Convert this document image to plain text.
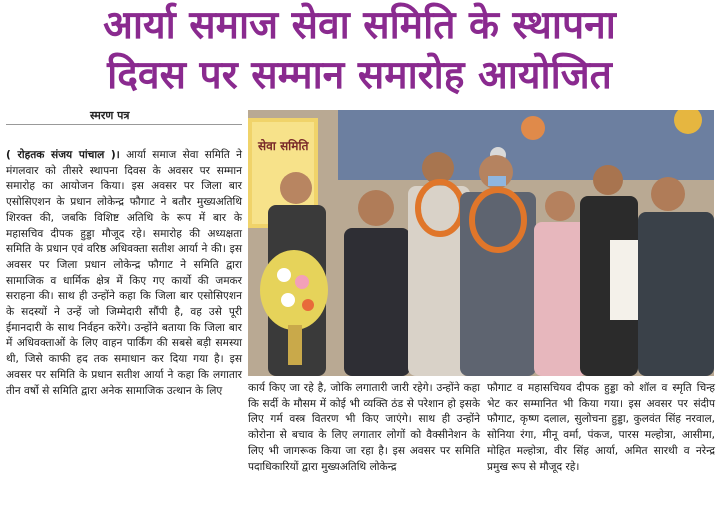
आर्या समाज सेवा समिति के स्थापना
दिवस पर सम्मान समारोह आयोजित
स्मरण पत्र

( रोहतक संजय पांचाल )। आर्या समाज सेवा समिति ने मंगलवार को तीसरे स्थापना दिवस के अवसर पर सम्मान समारोह का आयोजन किया। इस अवसर पर जिला बार एसोसिएशन के प्रधान लोकेन्द्र फौगाट ने बतौर मुख्यअतिथि शिरक्त की, जबकि विशिष्ट अतिथि के रूप में बार के महासचिव दीपक हुड्डा मौजूद रहे। समारोह की अध्यक्षता समिति के प्रधान एवं वरिष्ठ अधिवक्ता सतीश आर्या ने की। इस अवसर पर जिला प्रधान लोकेन्द्र फौगाट ने समिति द्वारा सामाजिक व धार्मिक क्षेत्र में किए गए कार्यो की जमकर सराहना की। साथ ही उन्होंने कहा कि जिला बार एसोसिएशन के सदस्यों ने उन्हें जो जिम्मेदारी सौंपी है, वह उसे पूरी ईमानदारी के साथ निर्वहन करेंगे। उन्होंने बताया कि जिला बार में अधिवक्ताओं के लिए वाहन पार्किंग की सबसे बड़ी समस्या थी, जिसे काफी हद तक समाधान कर दिया गया है। इस अवसर पर समिति के प्रधान सतीश आर्या ने कहा कि लगातार तीन वर्षो से समिति द्वारा अनेक सामाजिक उत्थान के लिए

सेवा समिति

कार्य किए जा रहे है, जोकि लगातारी जारी रहेगे। उन्होंने कहा कि सर्दी के मौसम में कोई भी व्यक्ति ठंड से परेशान हो इसके लिए गर्म वस्त्र वितरण भी किए जाएंगे। साथ ही उन्होंने कोरोना से बचाव के लिए लगातार लोगों को वैक्सीनेशन के लिए भी जागरूक किया जा रहा है। इस अवसर पर समिति पदाधिकारियों द्वारा मुख्यअतिथि लोकेन्द्र

फौगाट व महासचियव दीपक हुड्डा को शॉल व स्मृति चिन्ह भेट कर सम्मानित भी किया गया। इस अवसर पर संदीप फौगाट, कृष्ण दलाल, सुलोचना हुड्डा, कुलवंत सिंह नरवाल, सोनिया रंगा, मीनू वर्मा, पंकज, पारस मल्होत्रा, आसीमा, मोहित मल्होत्रा, वीर सिंह आर्या, अमित सारथी व नरेन्द्र प्रमुख रूप से मौजूद रहे।
